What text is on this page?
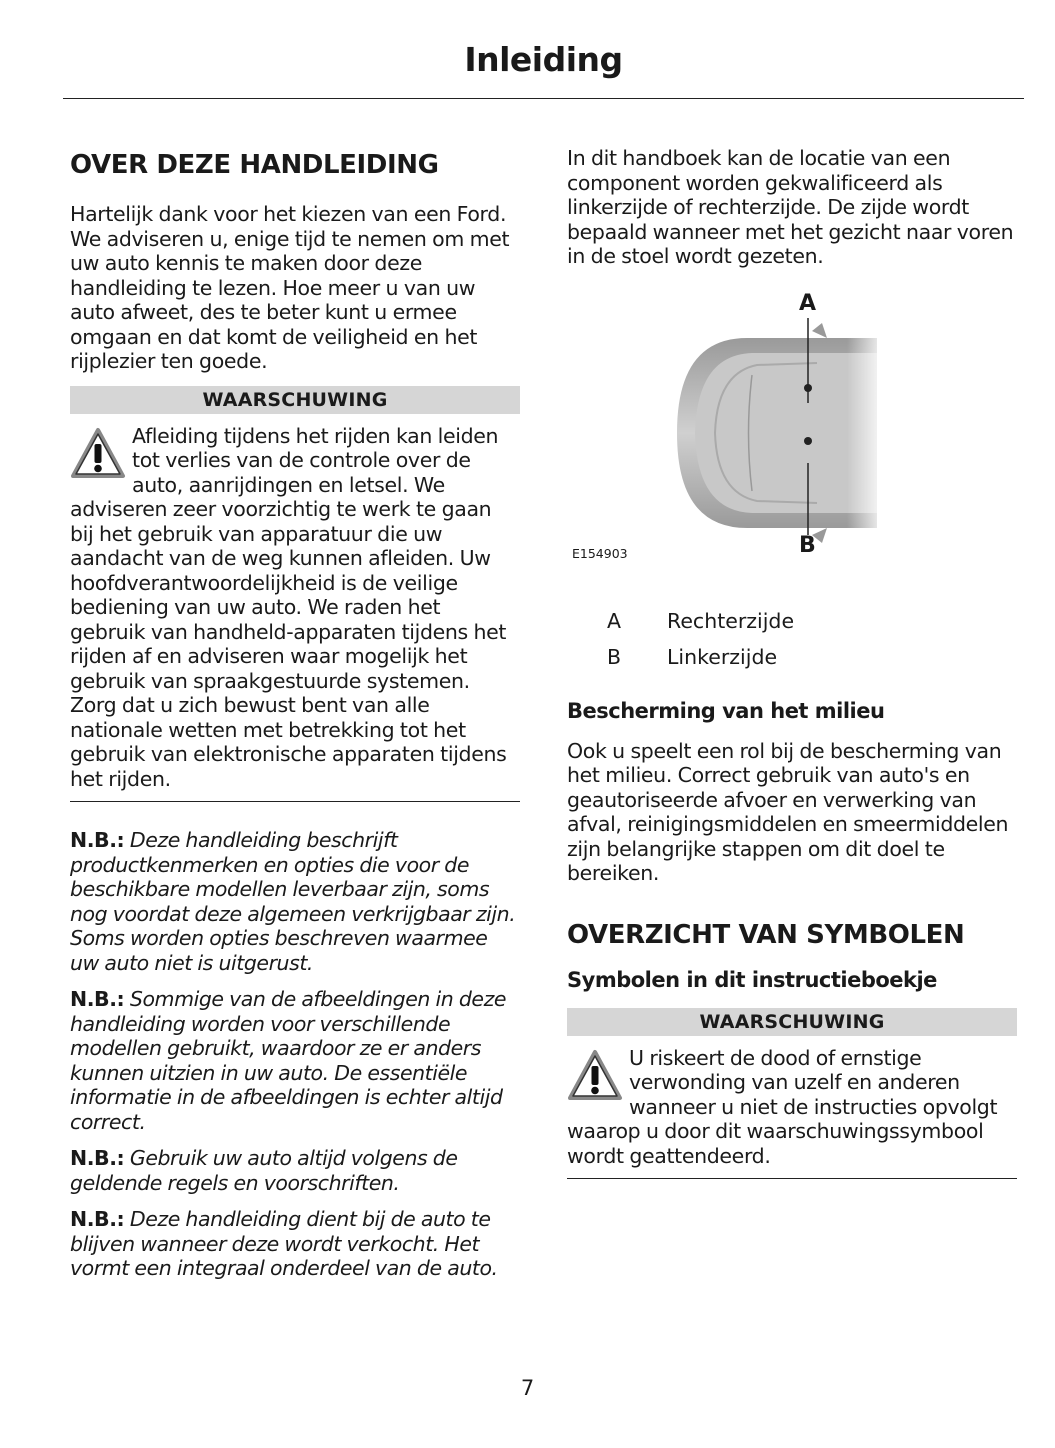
Inleiding
OVER DEZE HANDLEIDING

Hartelijk dank voor het kiezen van een Ford. We adviseren u, enige tijd te nemen om met uw auto kennis te maken door deze handleiding te lezen. Hoe meer u van uw auto afweet, des te beter kunt u ermee omgaan en dat komt de veiligheid en het rijplezier ten goede.

WAARSCHUWING

Afleiding tijdens het rijden kan leiden tot verlies van de controle over de auto, aanrijdingen en letsel. We adviseren zeer voorzichtig te werk te gaan bij het gebruik van apparatuur die uw aandacht van de weg kunnen afleiden. Uw hoofdverantwoordelijkheid is de veilige bediening van uw auto. We raden het gebruik van handheld-apparaten tijdens het rijden af en adviseren waar mogelijk het gebruik van spraakgestuurde systemen. Zorg dat u zich bewust bent van alle nationale wetten met betrekking tot het gebruik van elektronische apparaten tijdens het rijden.

N.B.: Deze handleiding beschrijft productkenmerken en opties die voor de beschikbare modellen leverbaar zijn, soms nog voordat deze algemeen verkrijgbaar zijn. Soms worden opties beschreven waarmee uw auto niet is uitgerust.

N.B.: Sommige van de afbeeldingen in deze handleiding worden voor verschillende modellen gebruikt, waardoor ze er anders kunnen uitzien in uw auto. De essentiële informatie in de afbeeldingen is echter altijd correct.

N.B.: Gebruik uw auto altijd volgens de geldende regels en voorschriften.

N.B.: Deze handleiding dient bij de auto te blijven wanneer deze wordt verkocht. Het vormt een integraal onderdeel van de auto.

In dit handboek kan de locatie van een component worden gekwalificeerd als linkerzijde of rechterzijde. De zijde wordt bepaald wanneer met het gezicht naar voren in de stoel wordt gezeten.

A
B
E154903
A	Rechterzijde
B	Linkerzijde
Bescherming van het milieu

Ook u speelt een rol bij de bescherming van het milieu. Correct gebruik van auto's en geautoriseerde afvoer en verwerking van afval, reinigingsmiddelen en smeermiddelen zijn belangrijke stappen om dit doel te bereiken.

OVERZICHT VAN SYMBOLEN
Symbolen in dit instructieboekje
WAARSCHUWING

U riskeert de dood of ernstige verwonding van uzelf en anderen wanneer u niet de instructies opvolgt waarop u door dit waarschuwingssymbool wordt geattendeerd.

7
